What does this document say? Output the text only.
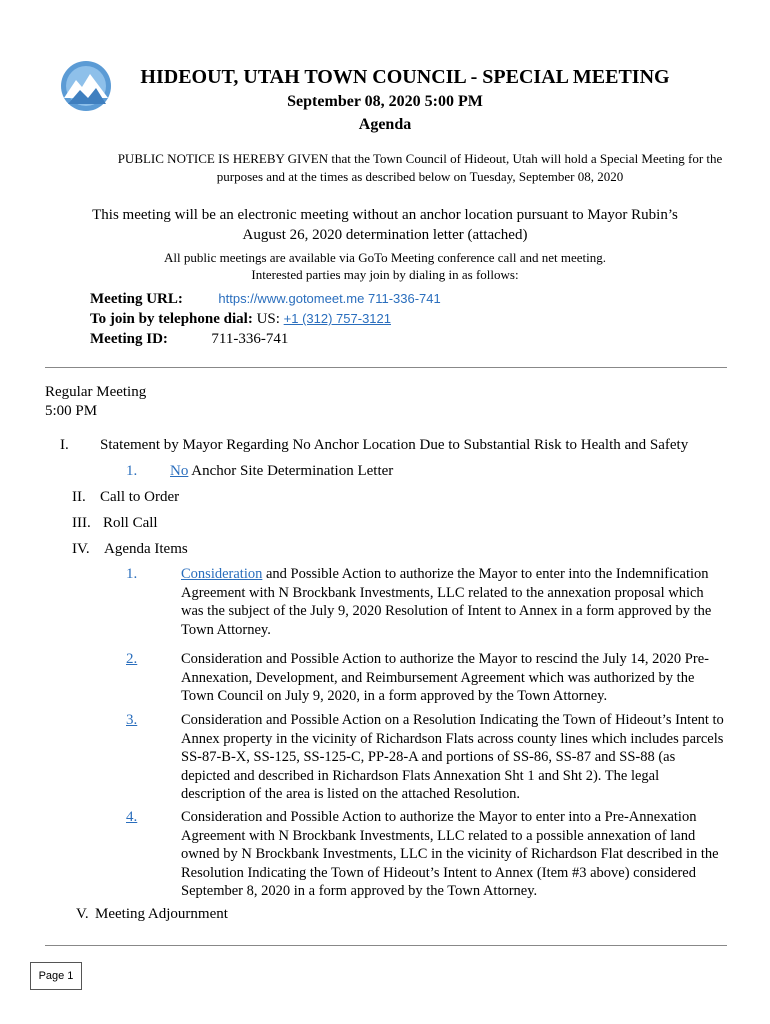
HIDEOUT, UTAH TOWN COUNCIL - SPECIAL MEETING
September 08, 2020 5:00 PM
Agenda
PUBLIC NOTICE IS HEREBY GIVEN that the Town Council of Hideout, Utah will hold a Special Meeting for the purposes and at the times as described below on Tuesday, September 08, 2020
This meeting will be an electronic meeting without an anchor location pursuant to Mayor Rubin’s August 26, 2020 determination letter (attached)
All public meetings are available via GoTo Meeting conference call and net meeting.
Interested parties may join by dialing in as follows:
Meeting URL:	https://www.gotomeet.me 711-336-741
To join by telephone dial: US: +1 (312) 757-3121
Meeting ID:	711-336-741
Regular Meeting
5:00 PM
I. Statement by Mayor Regarding No Anchor Location Due to Substantial Risk to Health and Safety
1. No Anchor Site Determination Letter
II. Call to Order
III. Roll Call
IV. Agenda Items
1.	Consideration and Possible Action to authorize the Mayor to enter into the Indemnification Agreement with N Brockbank Investments, LLC related to the annexation proposal which was the subject of the July 9, 2020 Resolution of Intent to Annex in a form approved by the Town Attorney.
2.	Consideration and Possible Action to authorize the Mayor to rescind the July 14, 2020 Pre-Annexation, Development, and Reimbursement Agreement which was authorized by the Town Council on July 9, 2020, in a form approved by the Town Attorney.
3.	Consideration and Possible Action on a Resolution Indicating the Town of Hideout’s Intent to Annex property in the vicinity of Richardson Flats across county lines which includes parcels SS-87-B-X, SS-125, SS-125-C, PP-28-A and portions of SS-86, SS-87 and SS-88 (as depicted and described in Richardson Flats Annexation Sht 1 and Sht 2). The legal description of the area is listed on the attached Resolution.
4.	Consideration and Possible Action to authorize the Mayor to enter into a Pre-Annexation Agreement with N Brockbank Investments, LLC related to a possible annexation of land owned by N Brockbank Investments, LLC in the vicinity of Richardson Flat described in the Resolution Indicating the Town of Hideout’s Intent to Annex (Item #3 above) considered September 8, 2020 in a form approved by the Town Attorney.
V. Meeting Adjournment
Page 1
